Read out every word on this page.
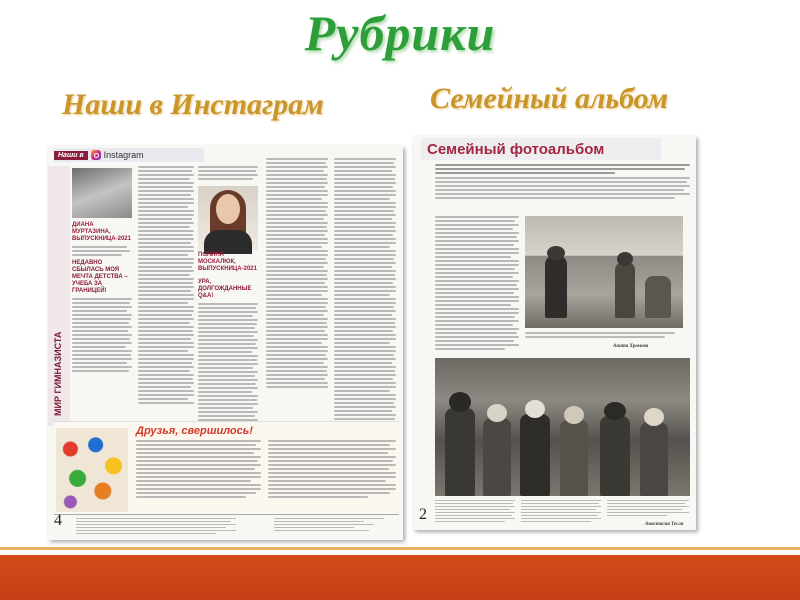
Рубрики
Наши в Инстаграм	Семейный альбом
Наши в	Instagram
МИР ГИМНАЗИСТА
ДИАНА МУРТАЗИНА, ВЫПУСКНИЦА-2021
НЕДАВНО СБЫЛАСЬ МОЯ МЕЧТА ДЕТСТВА – УЧЕБА ЗА ГРАНИЦЕЙ!
ПОЛИНА МОСКАЛЮК, ВЫПУСКНИЦА-2021
УРА, ДОЛГОЖДАННЫЕ Q&A!
Друзья, свершилось!
4
Семейный фотоальбом
Анита Хромова
Анастасия Тесля
2
